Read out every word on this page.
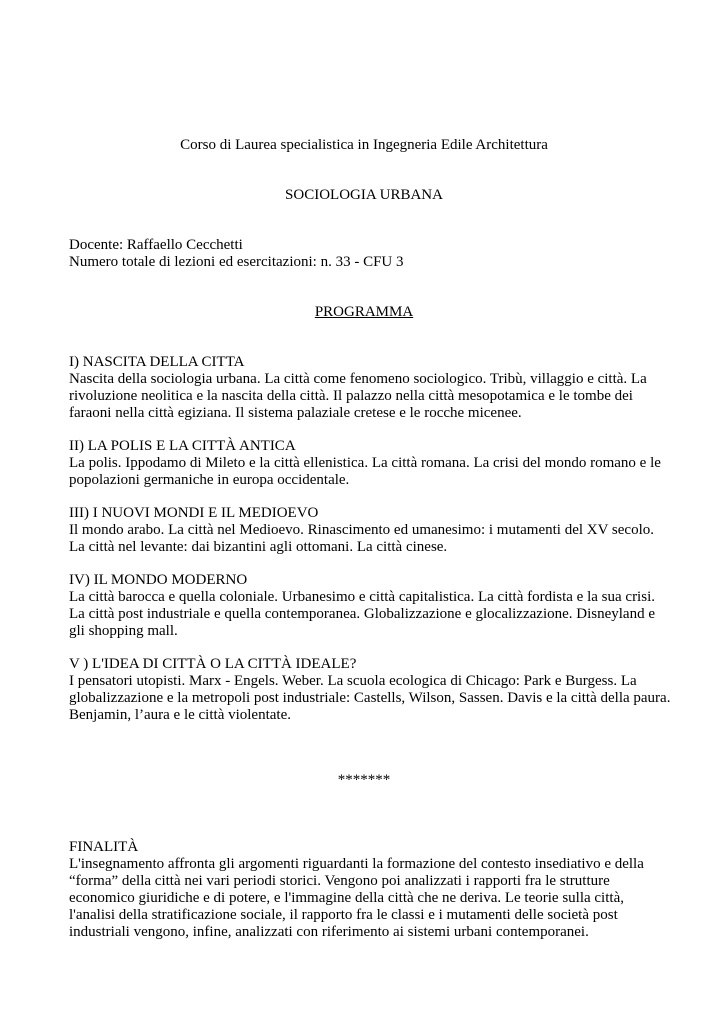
Corso di Laurea specialistica in Ingegneria Edile Architettura
SOCIOLOGIA URBANA
Docente: Raffaello Cecchetti
Numero totale di lezioni ed esercitazioni: n. 33 - CFU 3
PROGRAMMA
I) NASCITA DELLA CITTA
Nascita della sociologia urbana. La città come fenomeno sociologico. Tribù, villaggio e città. La
rivoluzione neolitica e la nascita della città. Il palazzo nella città mesopotamica e le tombe dei
faraoni nella città egiziana. Il sistema palaziale cretese e le rocche micenee.
II) LA POLIS E LA CITTÀ ANTICA
La polis. Ippodamo di Mileto e la città ellenistica. La città romana. La crisi del mondo romano e le
popolazioni germaniche in europa occidentale.
III) I NUOVI MONDI E IL MEDIOEVO
Il mondo arabo. La città nel Medioevo. Rinascimento ed umanesimo: i mutamenti del XV secolo.
La città nel levante: dai bizantini agli ottomani. La città cinese.
IV) IL MONDO MODERNO
La città barocca e quella coloniale. Urbanesimo e città capitalistica. La città fordista e la sua crisi.
La città post industriale e quella contemporanea. Globalizzazione e glocalizzazione. Disneyland e
gli shopping mall.
V ) L'IDEA DI CITTÀ O LA CITTÀ IDEALE?
I pensatori utopisti. Marx - Engels. Weber. La scuola ecologica di Chicago: Park e Burgess. La
globalizzazione e la metropoli post industriale: Castells, Wilson, Sassen. Davis e la città della paura.
Benjamin, l’aura e le città violentate.
*******
FINALITÀ
L'insegnamento affronta gli argomenti riguardanti la formazione del contesto insediativo e della
“forma” della città nei vari periodi storici. Vengono poi analizzati i rapporti fra le strutture
economico giuridiche e di potere, e l'immagine della città che ne deriva. Le teorie sulla città,
l'analisi della stratificazione sociale, il rapporto fra le classi e i mutamenti delle società post
industriali vengono, infine, analizzati con riferimento ai sistemi urbani contemporanei.
